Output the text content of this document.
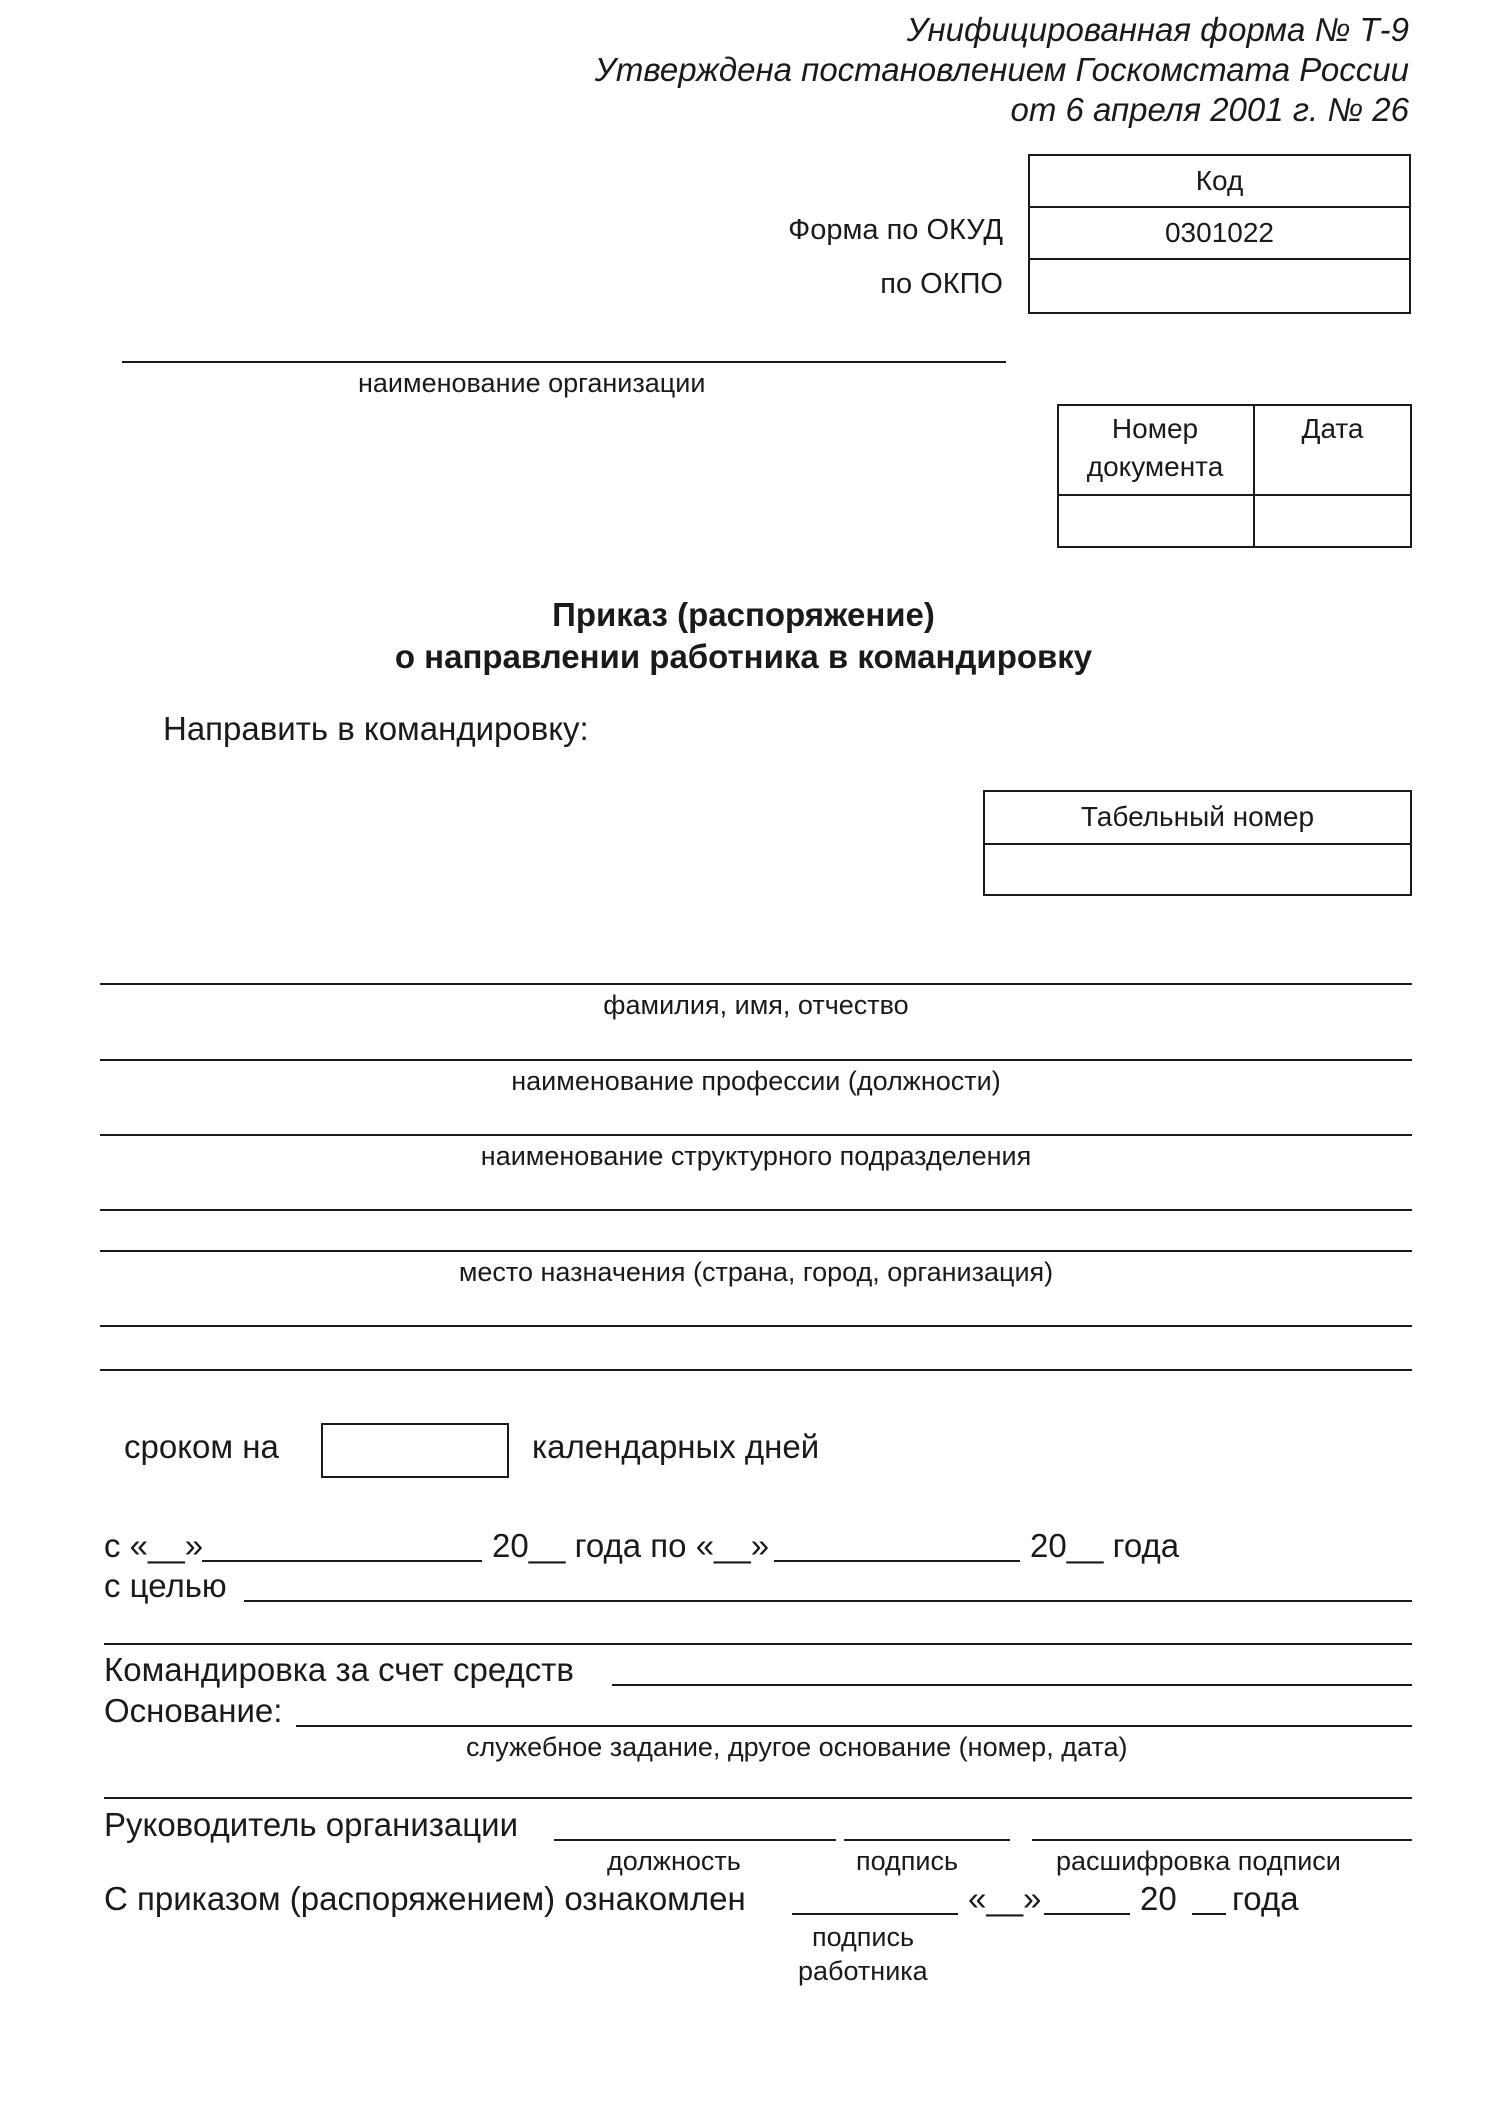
Унифицированная форма № Т-9
Утверждена постановлением Госкомстата России
от 6 апреля 2001 г. № 26
Код
0301022
Форма по ОКУД
по ОКПО
наименование организации
Номер
документа
Дата
Приказ (распоряжение)
о направлении работника в командировку
Направить в командировку:
Табельный номер
фамилия, имя, отчество
наименование профессии (должности)
наименование структурного подразделения
место назначения (страна, город, организация)
сроком на	календарных дней
с «__»	20__ года по «__»	20__ года
с целью
Командировка за счет средств
Основание:
служебное задание, другое основание (номер, дата)
Руководитель организации
должность	подпись	расшифровка подписи
С приказом (распоряжением) ознакомлен	«__»	20 года
подпись
работника
